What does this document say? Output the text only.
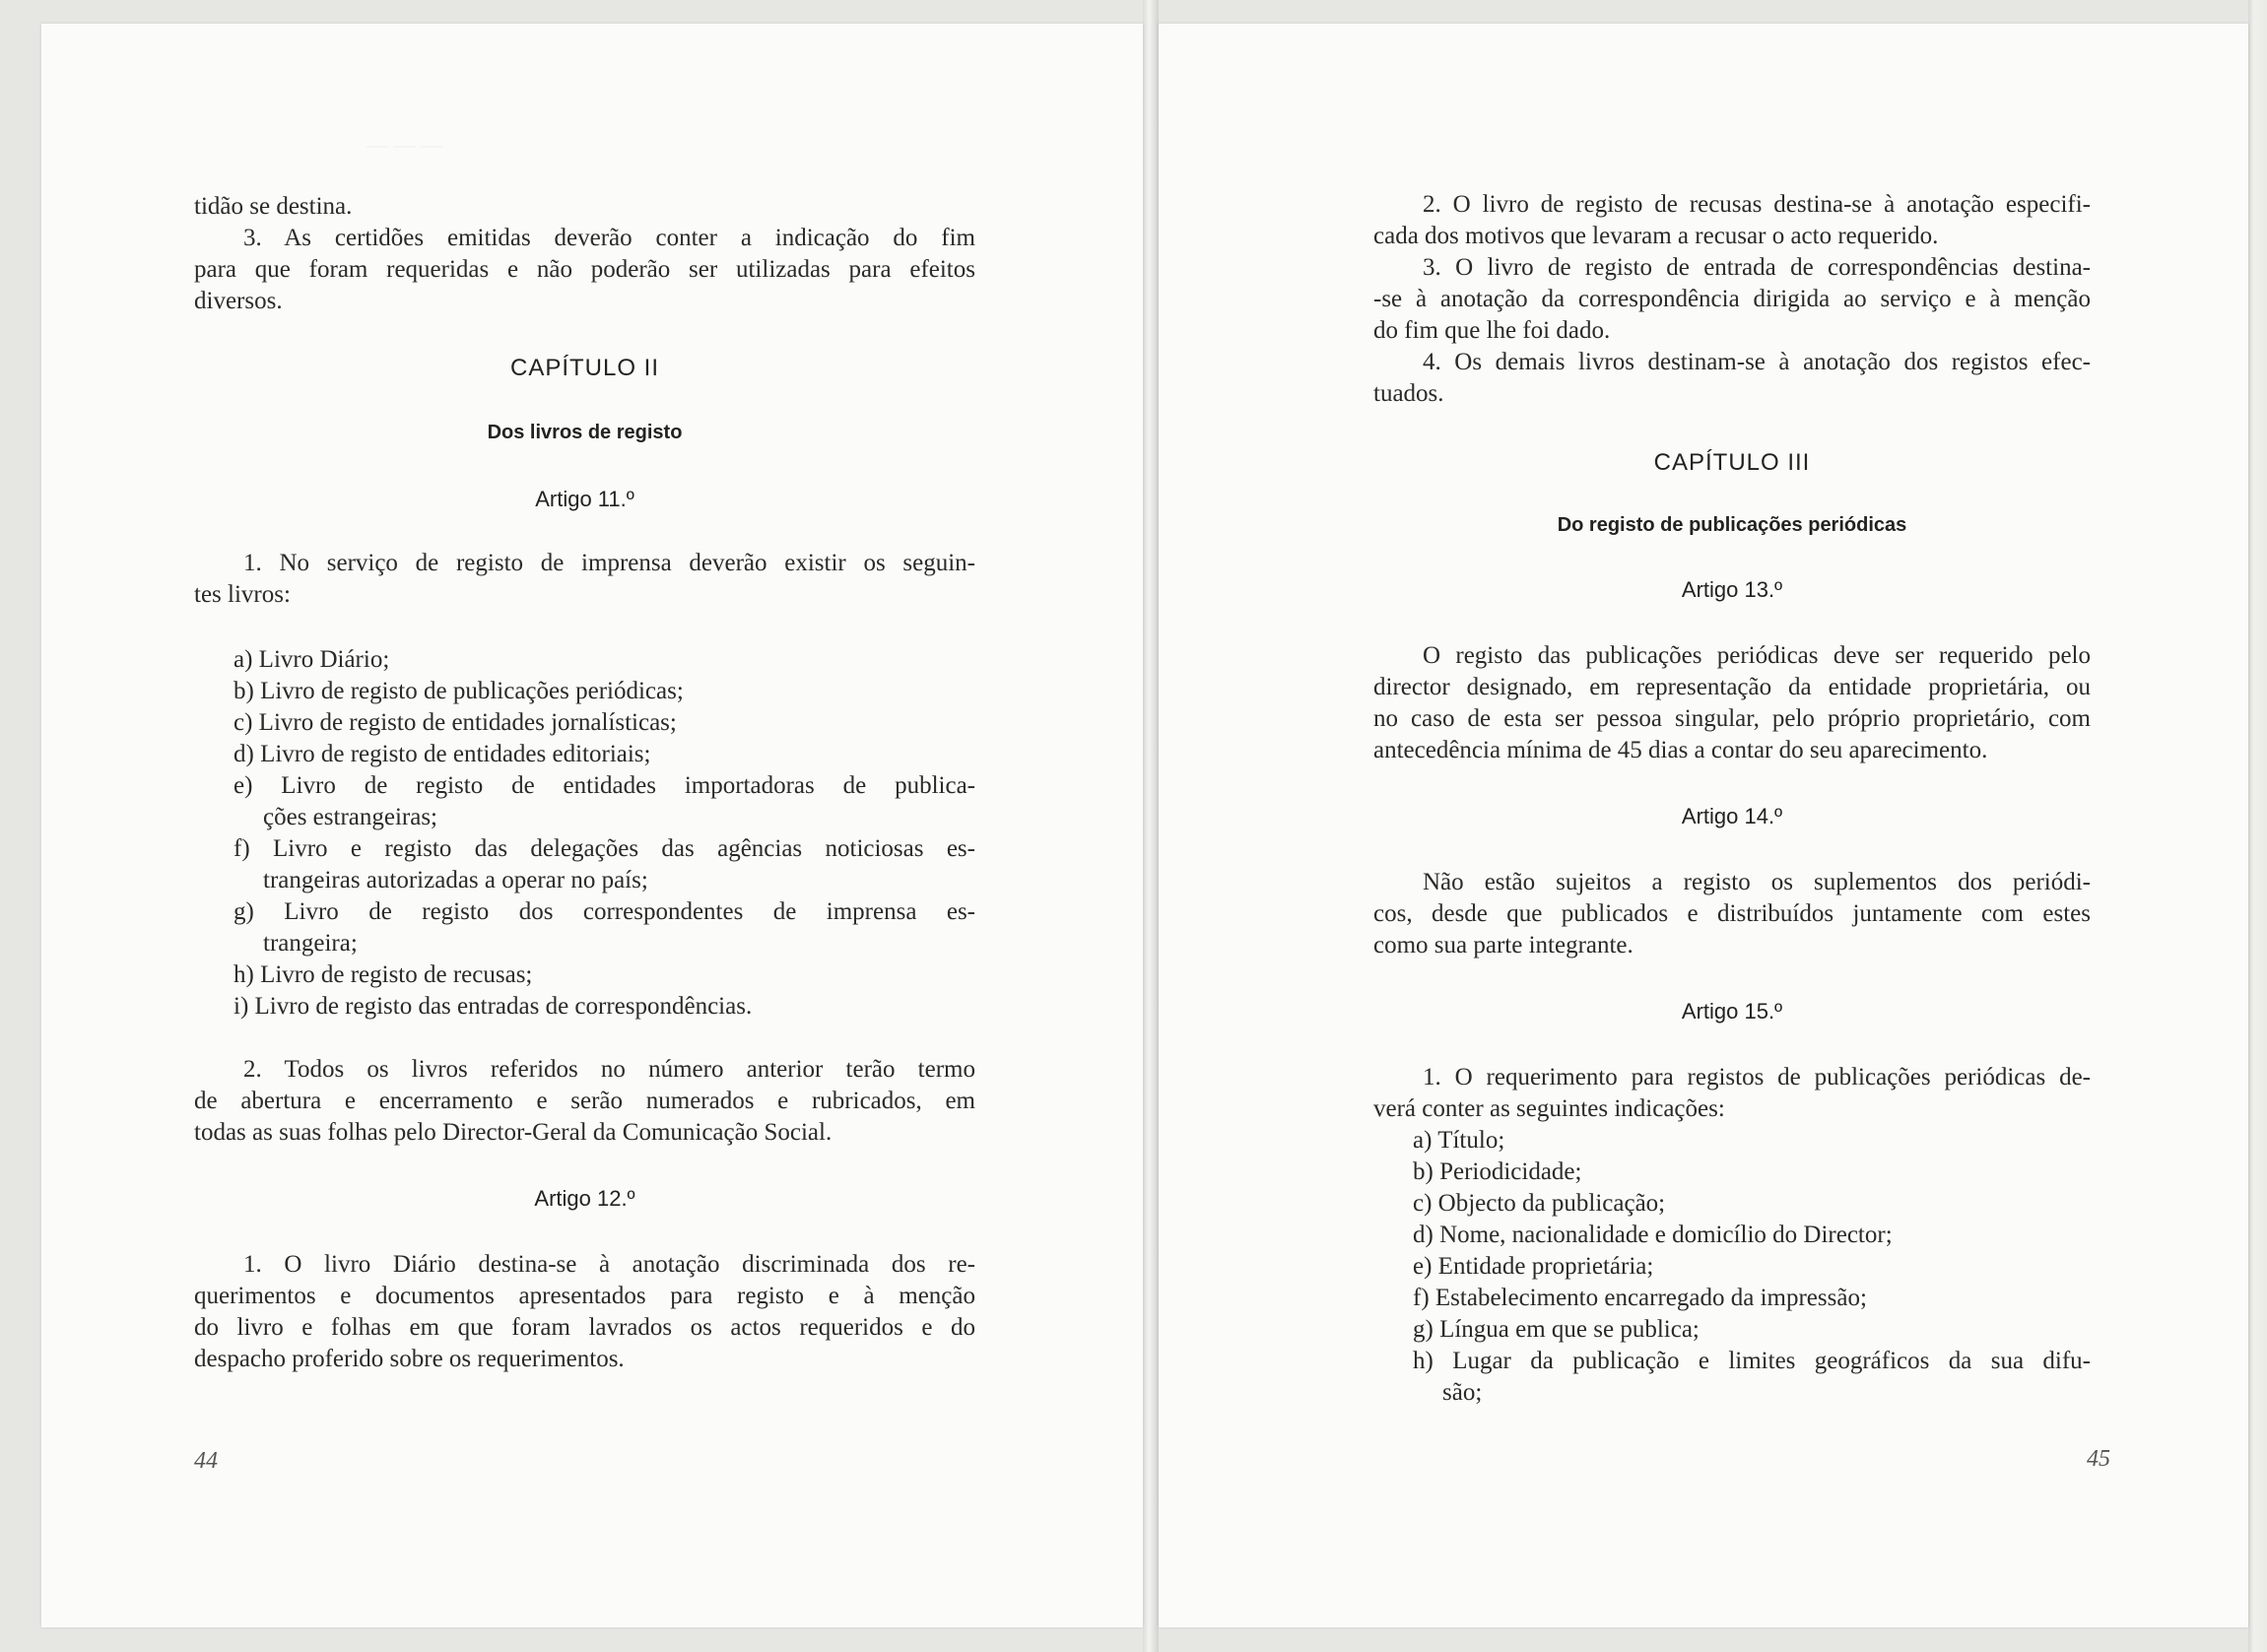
— — —
tidão se destina.
3. As certidões emitidas deverão conter a indicação do fim
para que foram requeridas e não poderão ser utilizadas para efeitos
diversos.
CAPÍTULO II
Dos livros de registo
Artigo 11.º
1. No serviço de registo de imprensa deverão existir os seguin-
tes livros:
a) Livro Diário;
b) Livro de registo de publicações periódicas;
c) Livro de registo de entidades jornalísticas;
d) Livro de registo de entidades editoriais;
e) Livro de registo de entidades importadoras de publica-
ções estrangeiras;
f) Livro e registo das delegações das agências noticiosas es-
trangeiras autorizadas a operar no país;
g) Livro de registo dos correspondentes de imprensa es-
trangeira;
h) Livro de registo de recusas;
i) Livro de registo das entradas de correspondências.
2. Todos os livros referidos no número anterior terão termo
de abertura e encerramento e serão numerados e rubricados, em
todas as suas folhas pelo Director-Geral da Comunicação Social.
Artigo 12.º
1. O livro Diário destina-se à anotação discriminada dos re-
querimentos e documentos apresentados para registo e à menção
do livro e folhas em que foram lavrados os actos requeridos e do
despacho proferido sobre os requerimentos.
44
2. O livro de registo de recusas destina-se à anotação especifi-
cada dos motivos que levaram a recusar o acto requerido.
3. O livro de registo de entrada de correspondências destina-
-se à anotação da correspondência dirigida ao serviço e à menção
do fim que lhe foi dado.
4. Os demais livros destinam-se à anotação dos registos efec-
tuados.
CAPÍTULO III
Do registo de publicações periódicas
Artigo 13.º
O registo das publicações periódicas deve ser requerido pelo
director designado, em representação da entidade proprietária, ou
no caso de esta ser pessoa singular, pelo próprio proprietário, com
antecedência mínima de 45 dias a contar do seu aparecimento.
Artigo 14.º
Não estão sujeitos a registo os suplementos dos periódi-
cos, desde que publicados e distribuídos juntamente com estes
como sua parte integrante.
Artigo 15.º
1. O requerimento para registos de publicações periódicas de-
verá conter as seguintes indicações:
a) Título;
b) Periodicidade;
c) Objecto da publicação;
d) Nome, nacionalidade e domicílio do Director;
e) Entidade proprietária;
f) Estabelecimento encarregado da impressão;
g) Língua em que se publica;
h) Lugar da publicação e limites geográficos da sua difu-
são;
45
